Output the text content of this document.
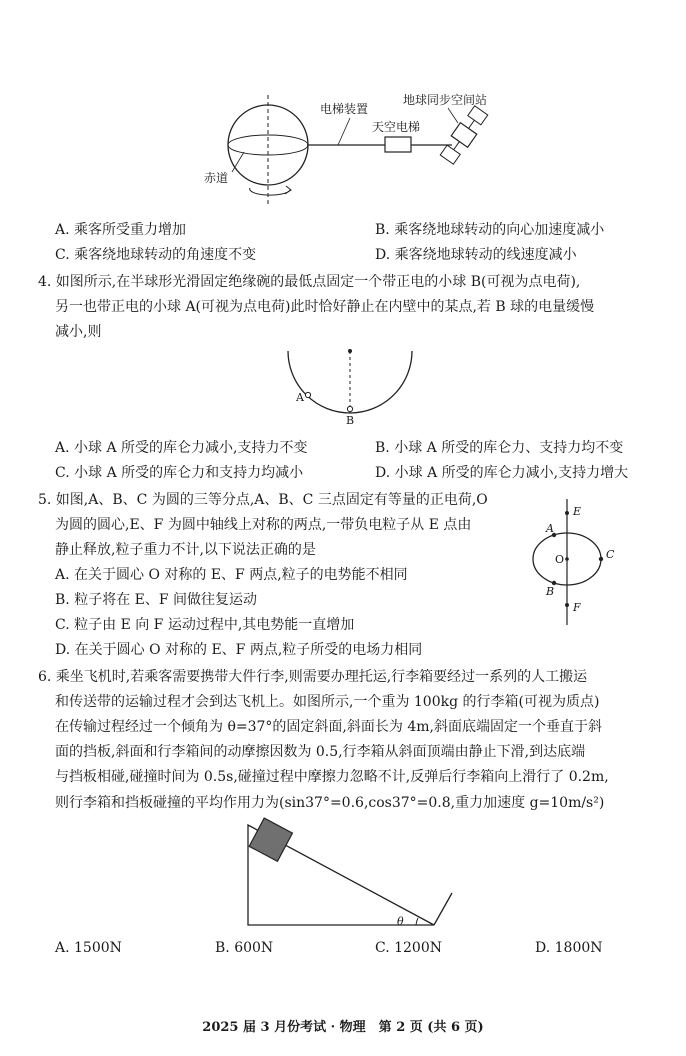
电梯装置
地球同步空间站
天空电梯
赤道
A. 乘客所受重力增加	B. 乘客绕地球转动的向心加速度减小
C. 乘客绕地球转动的角速度不变	D. 乘客绕地球转动的线速度减小
4. 如图所示,在半球形光滑固定绝缘碗的最低点固定一个带正电的小球 B(可视为点电荷),
另一也带正电的小球 A(可视为点电荷)此时恰好静止在内壁中的某点,若 B 球的电量缓慢
减小,则
A
B
A. 小球 A 所受的库仑力减小,支持力不变	B. 小球 A 所受的库仑力、支持力均不变
C. 小球 A 所受的库仑力和支持力均减小	D. 小球 A 所受的库仑力减小,支持力增大
5. 如图,A、B、C 为圆的三等分点,A、B、C 三点固定有等量的正电荷,O
为圆的圆心,E、F 为圆中轴线上对称的两点,一带负电粒子从 E 点由
静止释放,粒子重力不计,以下说法正确的是
A. 在关于圆心 O 对称的 E、F 两点,粒子的电势能不相同
B. 粒子将在 E、F 间做往复运动
C. 粒子由 E 向 F 运动过程中,其电势能一直增加
D. 在关于圆心 O 对称的 E、F 两点,粒子所受的电场力相同
E
A
O	C
B
F
6. 乘坐飞机时,若乘客需要携带大件行李,则需要办理托运,行李箱要经过一系列的人工搬运
和传送带的运输过程才会到达飞机上。如图所示,一个重为 100kg 的行李箱(可视为质点)
在传输过程经过一个倾角为 θ=37°的固定斜面,斜面长为 4m,斜面底端固定一个垂直于斜
面的挡板,斜面和行李箱间的动摩擦因数为 0.5,行李箱从斜面顶端由静止下滑,到达底端
与挡板相碰,碰撞时间为 0.5s,碰撞过程中摩擦力忽略不计,反弹后行李箱向上滑行了 0.2m,
则行李箱和挡板碰撞的平均作用力为(sin37°=0.6,cos37°=0.8,重力加速度 g=10m/s²)
θ
A. 1500N	B. 600N	C. 1200N	D. 1800N
2025 届 3 月份考试 · 物理　第 2 页 (共 6 页)
